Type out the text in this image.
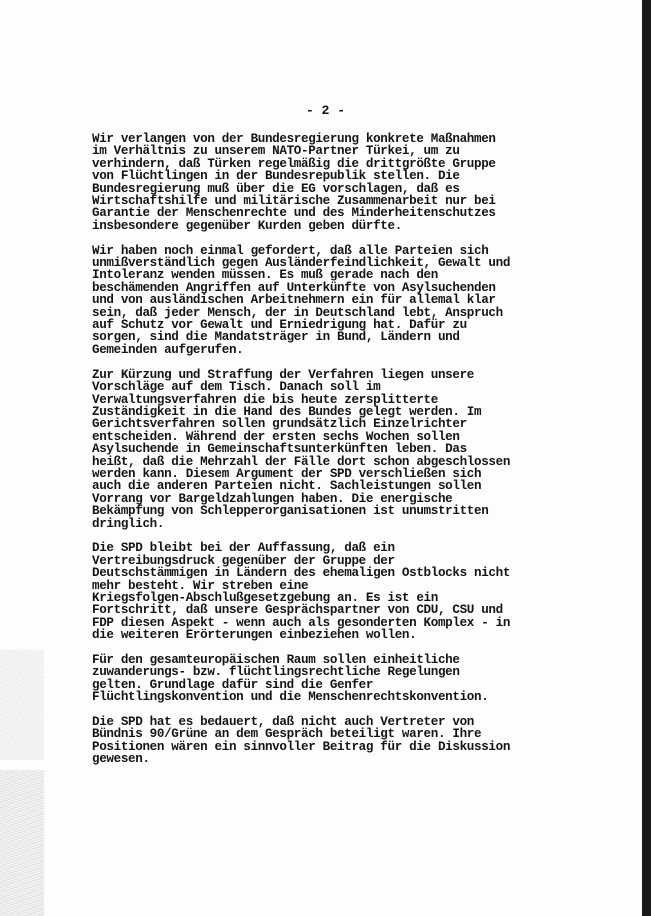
- 2 -
Wir verlangen von der Bundesregierung konkrete Maßnahmen
im Verhältnis zu unserem NATO-Partner Türkei, um zu
verhindern, daß Türken regelmäßig die drittgrößte Gruppe
von Flüchtlingen in der Bundesrepublik stellen. Die
Bundesregierung muß über die EG vorschlagen, daß es
Wirtschaftshilfe und militärische Zusammenarbeit nur bei
Garantie der Menschenrechte und des Minderheitenschutzes
insbesondere gegenüber Kurden geben dürfte.
Wir haben noch einmal gefordert, daß alle Parteien sich
unmißverständlich gegen Ausländerfeindlichkeit, Gewalt und
Intoleranz wenden müssen. Es muß gerade nach den
beschämenden Angriffen auf Unterkünfte von Asylsuchenden
und von ausländischen Arbeitnehmern ein für allemal klar
sein, daß jeder Mensch, der in Deutschland lebt, Anspruch
auf Schutz vor Gewalt und Erniedrigung hat. Dafür zu
sorgen, sind die Mandatsträger in Bund, Ländern und
Gemeinden aufgerufen.
Zur Kürzung und Straffung der Verfahren liegen unsere
Vorschläge auf dem Tisch. Danach soll im
Verwaltungsverfahren die bis heute zersplitterte
Zuständigkeit in die Hand des Bundes gelegt werden. Im
Gerichtsverfahren sollen grundsätzlich Einzelrichter
entscheiden. Während der ersten sechs Wochen sollen
Asylsuchende in Gemeinschaftsunterkünften leben. Das
heißt, daß die Mehrzahl der Fälle dort schon abgeschlossen
werden kann. Diesem Argument der SPD verschließen sich
auch die anderen Parteien nicht. Sachleistungen sollen
Vorrang vor Bargeldzahlungen haben. Die energische
Bekämpfung von Schlepperorganisationen ist unumstritten
dringlich.
Die SPD bleibt bei der Auffassung, daß ein
Vertreibungsdruck gegenüber der Gruppe der
Deutschstämmigen in Ländern des ehemaligen Ostblocks nicht
mehr besteht. Wir streben eine
Kriegsfolgen-Abschlußgesetzgebung an. Es ist ein
Fortschritt, daß unsere Gesprächspartner von CDU, CSU und
FDP diesen Aspekt - wenn auch als gesonderten Komplex - in
die weiteren Erörterungen einbeziehen wollen.
Für den gesamteuropäischen Raum sollen einheitliche
zuwanderungs- bzw. flüchtlingsrechtliche Regelungen
gelten. Grundlage dafür sind die Genfer
Flüchtlingskonvention und die Menschenrechtskonvention.
Die SPD hat es bedauert, daß nicht auch Vertreter von
Bündnis 90/Grüne an dem Gespräch beteiligt waren. Ihre
Positionen wären ein sinnvoller Beitrag für die Diskussion
gewesen.
